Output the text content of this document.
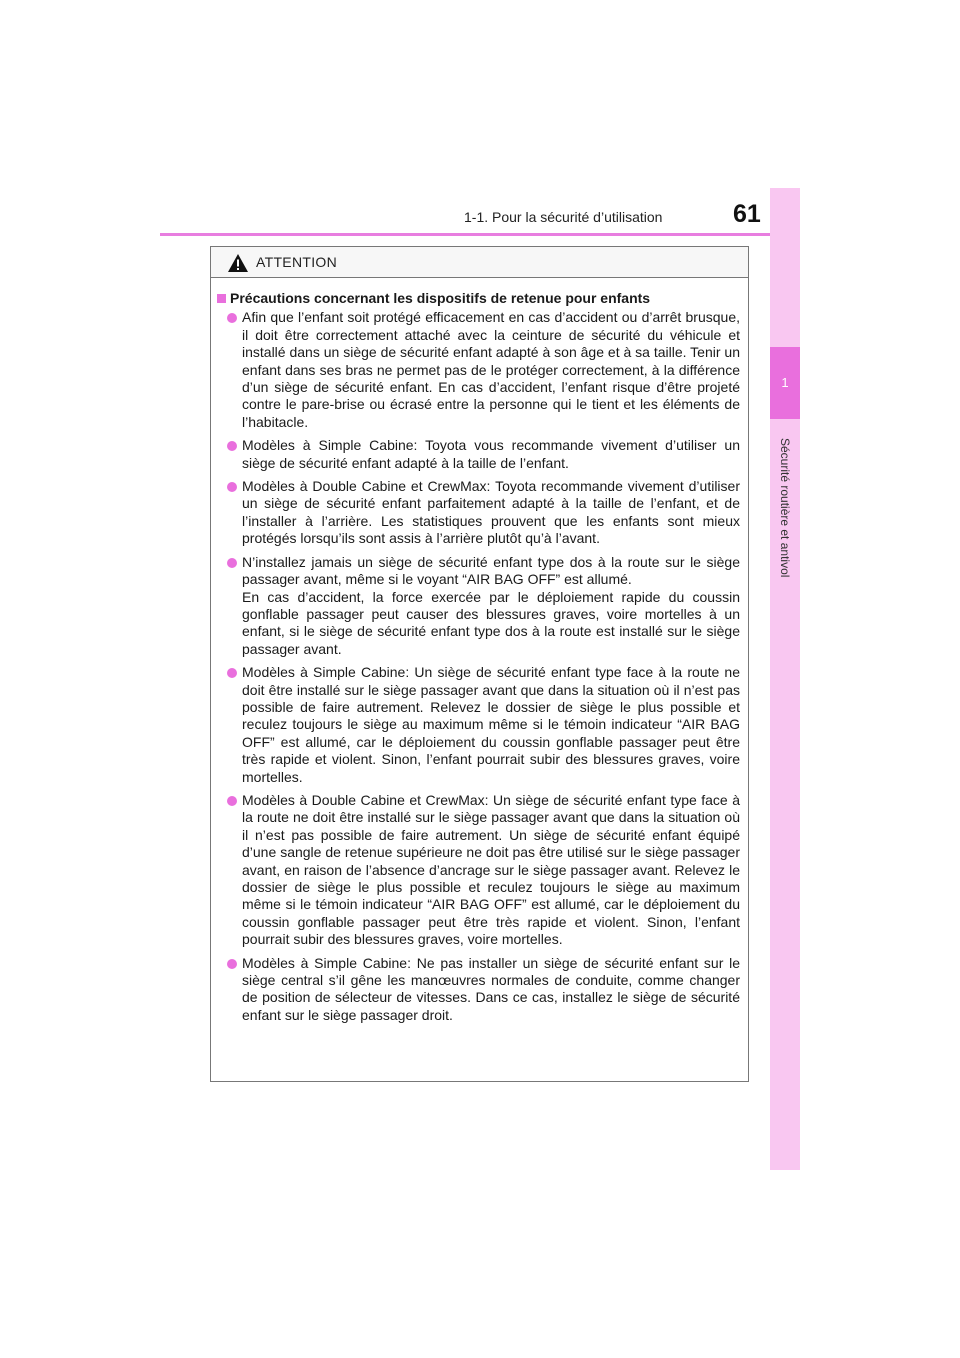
1-1. Pour la sécurité d’utilisation	61
1
Sécurité routière et antivol
ATTENTION
Précautions concernant les dispositifs de retenue pour enfants
Afin que l’enfant soit protégé efficacement en cas d’accident ou d’arrêt brusque, il doit être correctement attaché avec la ceinture de sécurité du véhicule et installé dans un siège de sécurité enfant adapté à son âge et à sa taille. Tenir un enfant dans ses bras ne permet pas de le protéger correctement, à la différence d’un siège de sécurité enfant. En cas d’accident, l’enfant risque d’être projeté contre le pare-brise ou écrasé entre la personne qui le tient et les éléments de l’habitacle.
Modèles à Simple Cabine: Toyota vous recommande vivement d’utiliser un siège de sécurité enfant adapté à la taille de l’enfant.
Modèles à Double Cabine et CrewMax: Toyota recommande vivement d’utiliser un siège de sécurité enfant parfaitement adapté à la taille de l’enfant, et de l’installer à l’arrière. Les statistiques prouvent que les enfants sont mieux protégés lorsqu’ils sont assis à l’arrière plutôt qu’à l’avant.
N’installez jamais un siège de sécurité enfant type dos à la route sur le siège passager avant, même si le voyant “AIR BAG OFF” est allumé.
En cas d’accident, la force exercée par le déploiement rapide du coussin gonflable passager peut causer des blessures graves, voire mortelles à un enfant, si le siège de sécurité enfant type dos à la route est installé sur le siège passager avant.
Modèles à Simple Cabine: Un siège de sécurité enfant type face à la route ne doit être installé sur le siège passager avant que dans la situation où il n’est pas possible de faire autrement. Relevez le dossier de siège le plus possible et reculez toujours le siège au maximum même si le témoin indicateur “AIR BAG OFF” est allumé, car le déploiement du coussin gonflable passager peut être très rapide et violent. Sinon, l’enfant pourrait subir des blessures graves, voire mortelles.
Modèles à Double Cabine et CrewMax: Un siège de sécurité enfant type face à la route ne doit être installé sur le siège passager avant que dans la situation où il n’est pas possible de faire autrement. Un siège de sécurité enfant équipé d’une sangle de retenue supérieure ne doit pas être utilisé sur le siège passager avant, en raison de l’absence d’ancrage sur le siège passager avant. Relevez le dossier de siège le plus possible et reculez toujours le siège au maximum même si le témoin indicateur “AIR BAG OFF” est allumé, car le déploiement du coussin gonflable passager peut être très rapide et violent. Sinon, l’enfant pourrait subir des blessures graves, voire mortelles.
Modèles à Simple Cabine: Ne pas installer un siège de sécurité enfant sur le siège central s’il gêne les manœuvres normales de conduite, comme changer de position de sélecteur de vitesses. Dans ce cas, installez le siège de sécurité enfant sur le siège passager droit.
